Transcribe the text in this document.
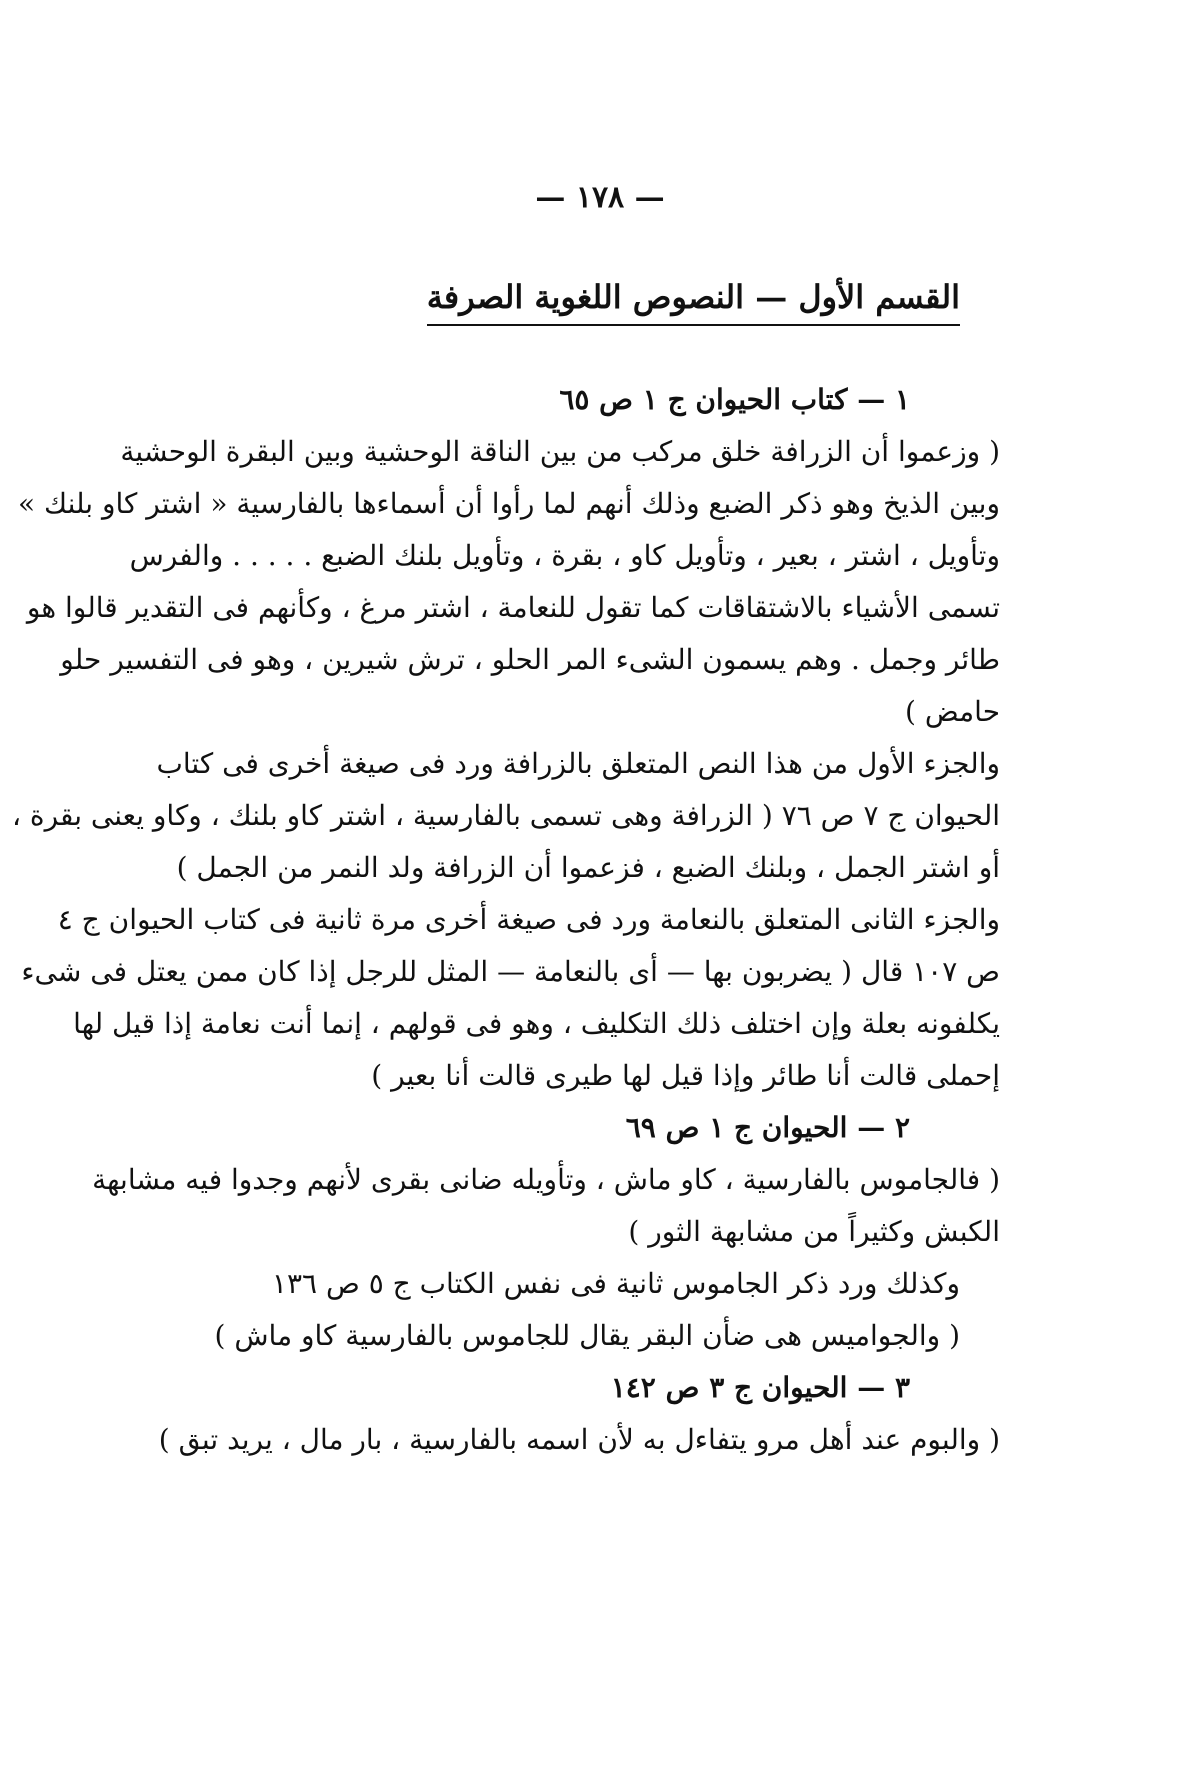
— ١٧٨ —
القسم الأول — النصوص اللغوية الصرفة
١ — كتاب الحيوان ج ١ ص ٦٥
( وزعموا أن الزرافة خلق مركب من بين الناقة الوحشية وبين البقرة الوحشية
وبين الذيخ وهو ذكر الضبع وذلك أنهم لما رأوا أن أسماءها بالفارسية « اشتر كاو بلنك »
وتأويل ، اشتر ، بعير ، وتأويل كاو ، بقرة ، وتأويل بلنك الضبع . . . . . والفرس
تسمى الأشياء بالاشتقاقات كما تقول للنعامة ، اشتر مرغ ، وكأنهم فى التقدير قالوا هو
طائر وجمل . وهم يسمون الشىء المر الحلو ، ترش شيرين ، وهو فى التفسير حلو
حامض )
والجزء الأول من هذا النص المتعلق بالزرافة ورد فى صيغة أخرى فى كتاب
الحيوان ج ٧ ص ٧٦ ( الزرافة وهى تسمى بالفارسية ، اشتر كاو بلنك ، وكاو يعنى بقرة ،
أو اشتر الجمل ، وبلنك الضبع ، فزعموا أن الزرافة ولد النمر من الجمل )
والجزء الثانى المتعلق بالنعامة ورد فى صيغة أخرى مرة ثانية فى كتاب الحيوان ج ٤
ص ١٠٧ قال ( يضربون بها — أى بالنعامة — المثل للرجل إذا كان ممن يعتل فى شىء
يكلفونه بعلة وإن اختلف ذلك التكليف ، وهو فى قولهم ، إنما أنت نعامة إذا قيل لها
إحملى قالت أنا طائر وإذا قيل لها طيرى قالت أنا بعير )
٢ — الحيوان ج ١ ص ٦٩
( فالجاموس بالفارسية ، كاو ماش ، وتأويله ضانى بقرى لأنهم وجدوا فيه مشابهة
الكبش وكثيراً من مشابهة الثور )
وكذلك ورد ذكر الجاموس ثانية فى نفس الكتاب ج ٥ ص ١٣٦
( والجواميس هى ضأن البقر يقال للجاموس بالفارسية كاو ماش )
٣ — الحيوان ج ٣ ص ١٤٢
( والبوم عند أهل مرو يتفاءل به لأن اسمه بالفارسية ، بار مال ، يريد تبق )
